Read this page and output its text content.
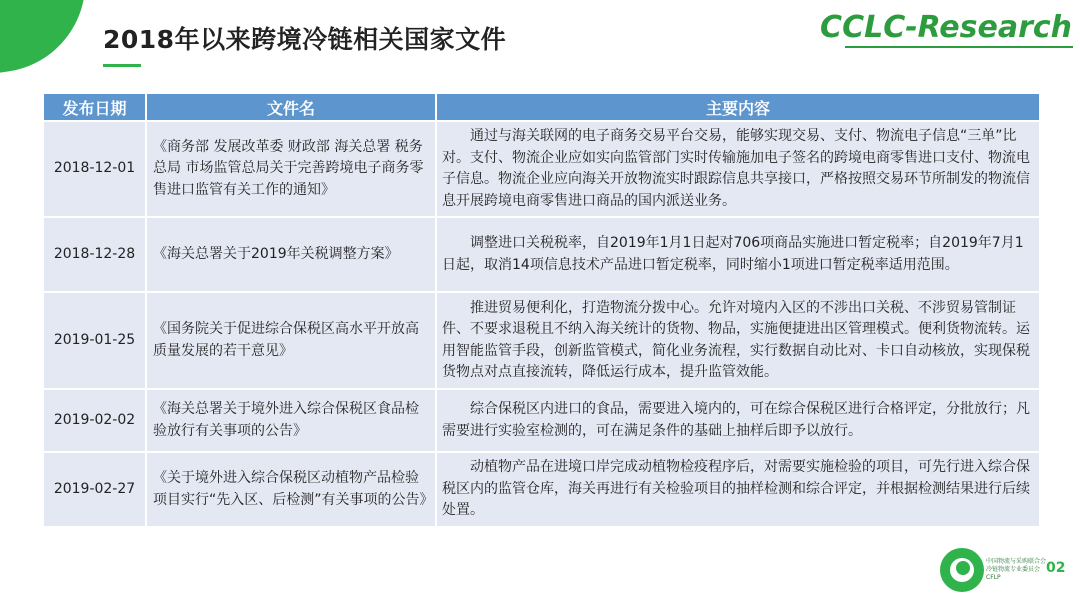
2018年以来跨境冷链相关国家文件	CCLC-Research
发布日期	文件名	主要内容
2018-12-01	《商务部 发展改革委 财政部 海关总署 税务总局 市场监管总局关于完善跨境电子商务零售进口监管有关工作的通知》	通过与海关联网的电子商务交易平台交易，能够实现交易、支付、物流电子信息“三单”比对。支付、物流企业应如实向监管部门实时传输施加电子签名的跨境电商零售进口支付、物流电子信息。物流企业应向海关开放物流实时跟踪信息共享接口，严格按照交易环节所制发的物流信息开展跨境电商零售进口商品的国内派送业务。
2018-12-28	《海关总署关于2019年关税调整方案》	调整进口关税税率，自2019年1月1日起对706项商品实施进口暂定税率；自2019年7月1日起，取消14项信息技术产品进口暂定税率，同时缩小1项进口暂定税率适用范围。
2019-01-25	《国务院关于促进综合保税区高水平开放高质量发展的若干意见》	推进贸易便利化，打造物流分拨中心。允许对境内入区的不涉出口关税、不涉贸易管制证件、不要求退税且不纳入海关统计的货物、物品，实施便捷进出区管理模式。便利货物流转。运用智能监管手段，创新监管模式，简化业务流程，实行数据自动比对、卡口自动核放，实现保税货物点对点直接流转，降低运行成本，提升监管效能。
2019-02-02	《海关总署关于境外进入综合保税区食品检验放行有关事项的公告》	综合保税区内进口的食品，需要进入境内的，可在综合保税区进行合格评定，分批放行；凡需要进行实验室检测的，可在满足条件的基础上抽样后即予以放行。
2019-02-27	《关于境外进入综合保税区动植物产品检验项目实行“先入区、后检测”有关事项的公告》	动植物产品在进境口岸完成动植物检疫程序后，对需要实施检验的项目，可先行进入综合保税区内的监管仓库，海关再进行有关检验项目的抽样检测和综合评定，并根据检测结果进行后续处置。
中国物流与采购联合会
冷链物流专业委员会
CFLP
02
